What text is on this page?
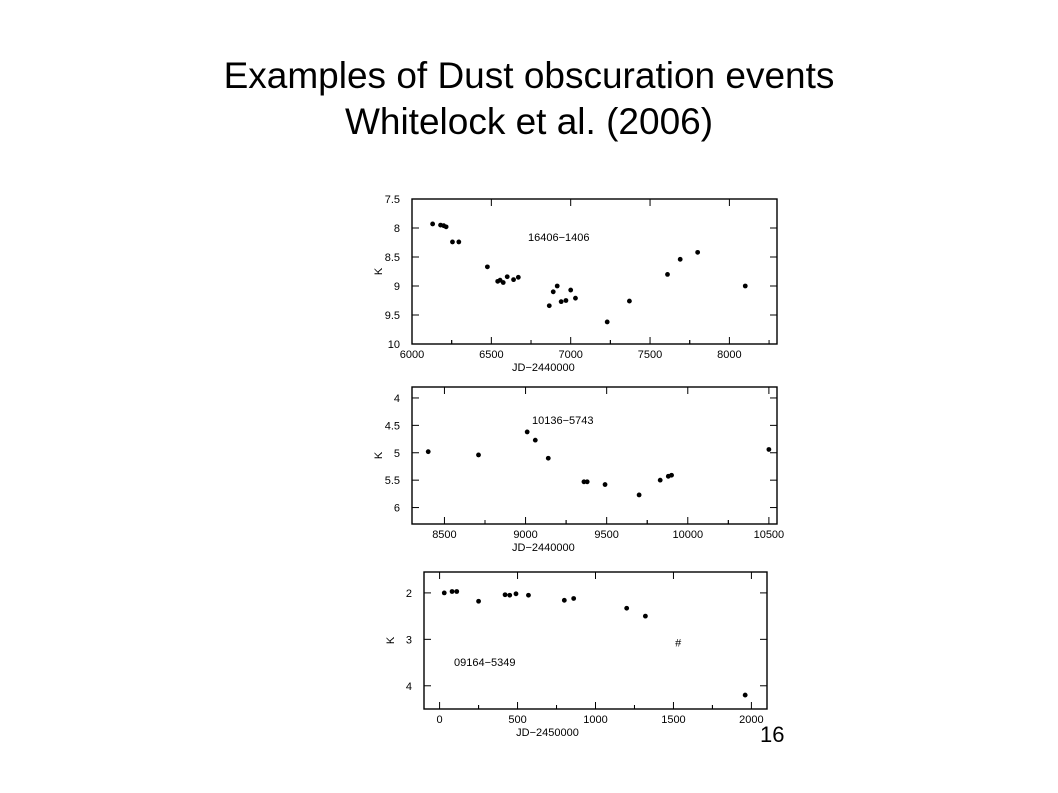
Examples of Dust obscuration events
Whitelock et al. (2006)
6000	6500	7000	7500	8000
7.5
8
8.5
9
9.5
10
JD−2440000
K
16406−1406
8500	9000	9500	10000	10500
4
4.5
5
5.5
6
JD−2440000
K
10136−5743
0	500	1000	1500	2000
2
3
4
JD−2450000
K
09164−5349
#
16
